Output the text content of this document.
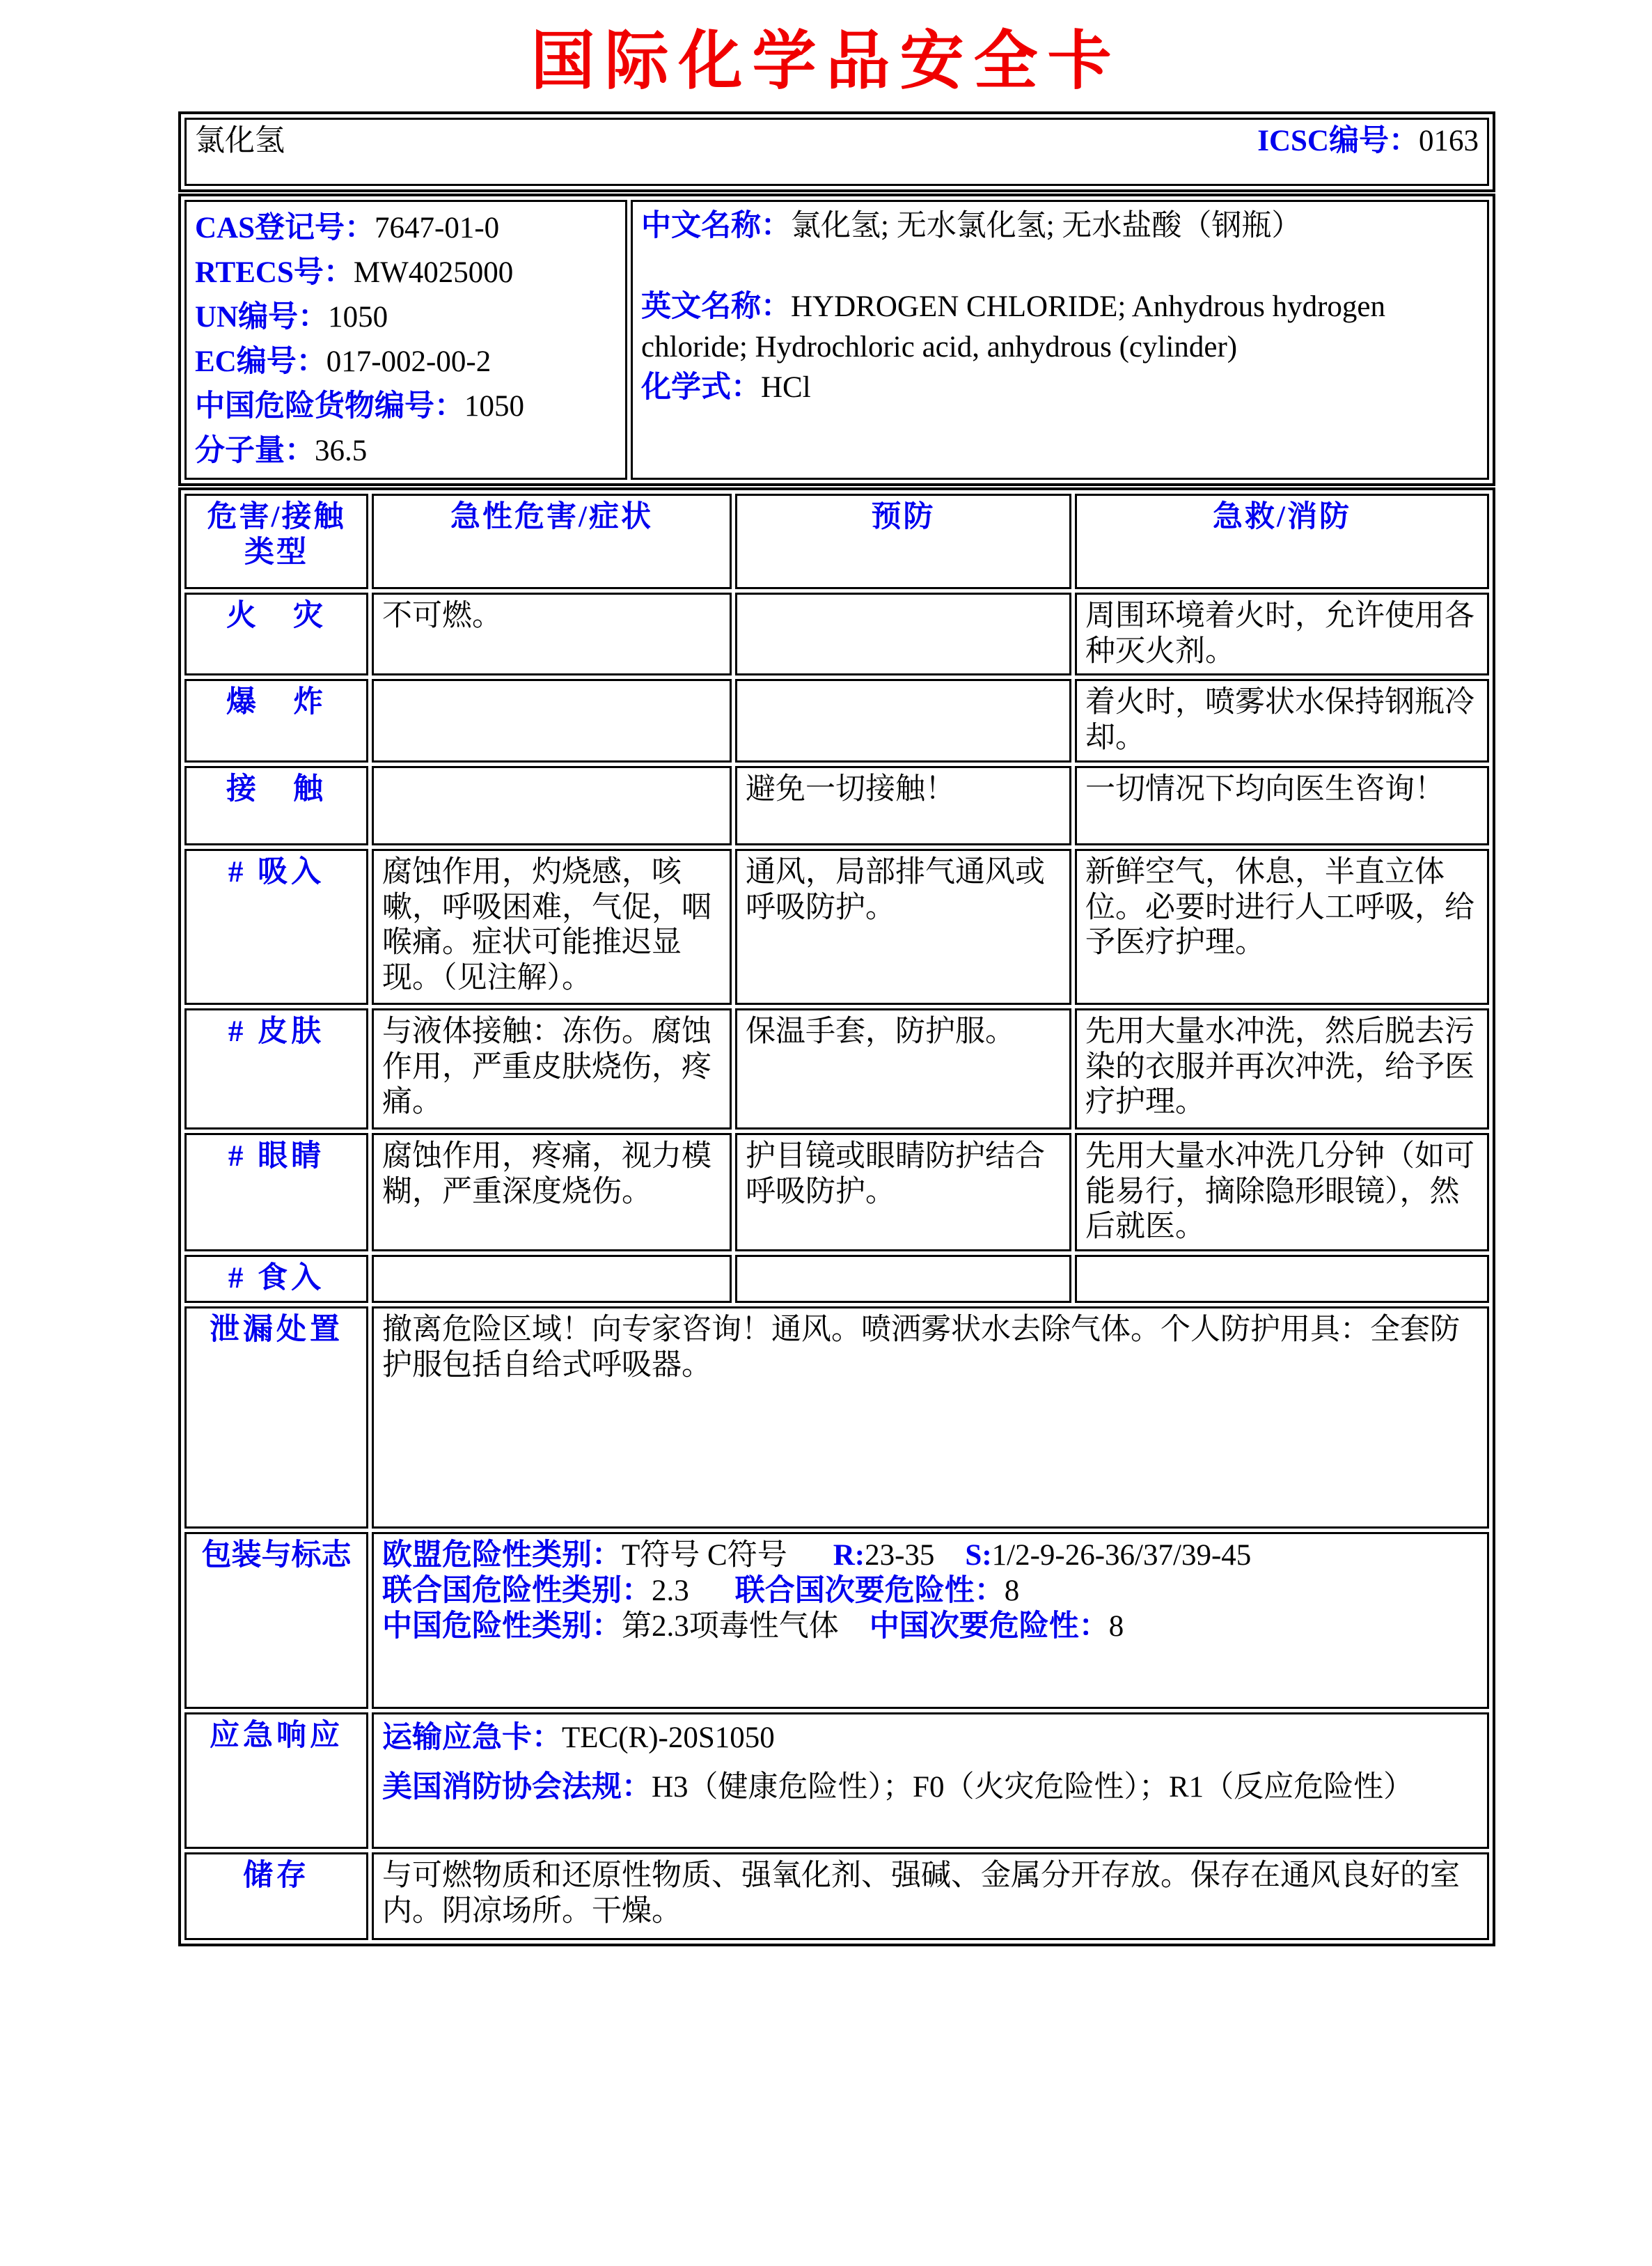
国际化学品安全卡
氯化氢	ICSC编号：0163
CAS登记号：7647-01-0
RTECS号：MW4025000
UN编号：1050
EC编号：017-002-00-2
中国危险货物编号：1050
分子量：36.5

中文名称：氯化氢; 无水氯化氢; 无水盐酸（钢瓶）

英文名称：HYDROGEN CHLORIDE; Anhydrous hydrogen chloride; Hydrochloric acid, anhydrous (cylinder)

化学式：HCl

危害/接触
类型	急性危害/症状	预防	急救/消防
火　灾	不可燃。		周围环境着火时，允许使用各种灭火剂。
爆　炸			着火时，喷雾状水保持钢瓶冷却。
接　触		避免一切接触！	一切情况下均向医生咨询！
# 吸入	腐蚀作用，灼烧感，咳嗽，呼吸困难，气促，咽喉痛。症状可能推迟显现。（见注解）。	通风，局部排气通风或呼吸防护。	新鲜空气，休息，半直立体位。必要时进行人工呼吸，给予医疗护理。
# 皮肤	与液体接触：冻伤。腐蚀作用，严重皮肤烧伤，疼痛。	保温手套，防护服。	先用大量水冲洗，然后脱去污染的衣服并再次冲洗，给予医疗护理。
# 眼睛	腐蚀作用，疼痛，视力模糊，严重深度烧伤。	护目镜或眼睛防护结合呼吸防护。	先用大量水冲洗几分钟（如可能易行，摘除隐形眼镜），然后就医。
# 食入			
泄漏处置	撤离危险区域！向专家咨询！通风。喷洒雾状水去除气体。个人防护用具：全套防护服包括自给式呼吸器。		
包装与标志	欧盟危险性类别：T符号 C符号 R:23-35 S:1/2-9-26-36/37/39-45
联合国危险性类别：2.3 联合国次要危险性：8
中国危险性类别：第2.3项毒性气体 中国次要危险性：8		

应急响应	运输应急卡：TEC(R)-20S1050

美国消防协会法规：H3（健康危险性）；F0（火灾危险性）；R1（反应危险性）		

储存	与可燃物质和还原性物质、强氧化剂、强碱、金属分开存放。保存在通风良好的室内。阴凉场所。干燥。		
